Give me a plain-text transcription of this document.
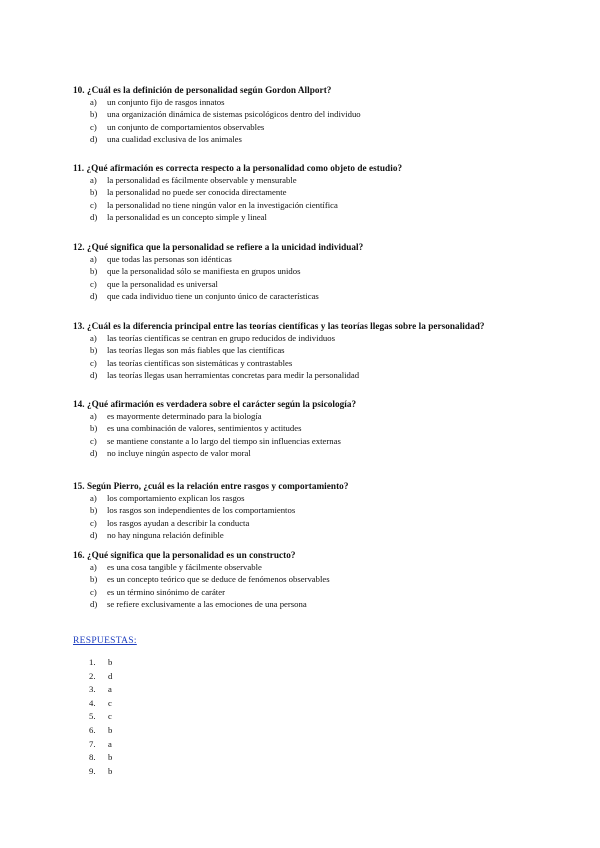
10. ¿Cuál es la definición de personalidad según Gordon Allport?
a) un conjunto fijo de rasgos innatos
b) una organización dinámica de sistemas psicológicos dentro del individuo
c) un conjunto de comportamientos observables
d) una cualidad exclusiva de los animales
11. ¿Qué afirmación es correcta respecto a la personalidad como objeto de estudio?
a) la personalidad es fácilmente observable y mensurable
b) la personalidad no puede ser conocida directamente
c) la personalidad no tiene ningún valor en la investigación científica
d) la personalidad es un concepto simple y lineal
12. ¿Qué significa que la personalidad se refiere a la unicidad individual?
a) que todas las personas son idénticas
b) que la personalidad sólo se manifiesta en grupos unidos
c) que la personalidad es universal
d) que cada individuo tiene un conjunto único de características
13. ¿Cuál es la diferencia principal entre las teorías científicas y las teorías llegas sobre la personalidad?
a) las teorías científicas se centran en grupo reducidos de individuos
b) las teorías llegas son más fiables que las científicas
c) las teorías científicas son sistemáticas y contrastables
d) las teorías llegas usan herramientas concretas para medir la personalidad
14. ¿Qué afirmación es verdadera sobre el carácter según la psicología?
a) es mayormente determinado para la biología
b) es una combinación de valores, sentimientos y actitudes
c) se mantiene constante a lo largo del tiempo sin influencias externas
d) no incluye ningún aspecto de valor moral
15. Según Pierro, ¿cuál es la relación entre rasgos y comportamiento?
a) los comportamiento explican los rasgos
b) los rasgos son independientes de los comportamientos
c) los rasgos ayudan a describir la conducta
d) no hay ninguna relación definible
16. ¿Qué significa que la personalidad es un constructo?
a) es una cosa tangible y fácilmente observable
b) es un concepto teórico que se deduce de fenómenos observables
c) es un término sinónimo de caráter
d) se refiere exclusivamente a las emociones de una persona
RESPUESTAS:
1. b
2. d
3. a
4. c
5. c
6. b
7. a
8. b
9. b
